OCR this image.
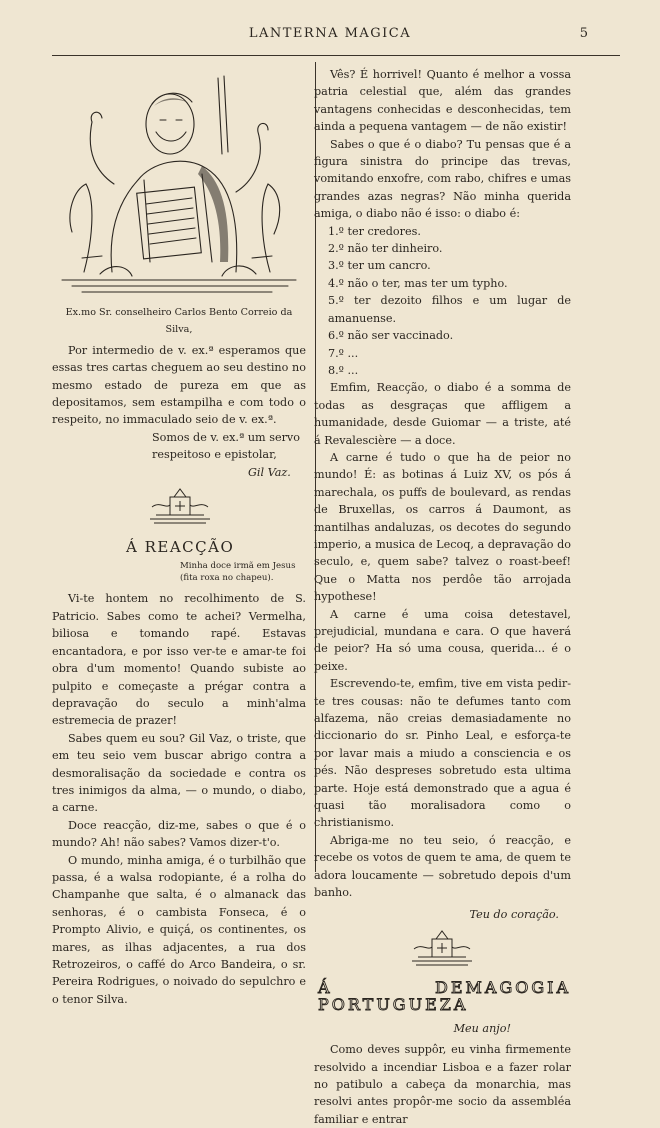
LANTERNA MAGICA	5
Ex.mo Sr. conselheiro Carlos Bento Correio da Silva,

Por intermedio de v. ex.ª esperamos que essas tres cartas cheguem ao seu destino no mesmo estado de pureza em que as depositamos, sem estampilha e com todo o respeito, no immaculado seio de v. ex.ª.

Somos de v. ex.ª um servo

respeitoso e epistolar,

Gil Vaz.

Á REACÇÃO
Minha doce irmã em Jesus (fita roxa no chapeu).

Vi-te hontem no recolhimento de S. Patricio. Sabes como te achei? Vermelha, biliosa e tomando rapé. Estavas encantadora, e por isso ver-te e amar-te foi obra d'um momento! Quando subiste ao pulpito e começaste a prégar contra a depravação do seculo a minh'alma estremecia de prazer!

Sabes quem eu sou? Gil Vaz, o triste, que em teu seio vem buscar abrigo contra a desmoralisação da sociedade e contra os tres inimigos da alma, — o mundo, o diabo, a carne.

Doce reacção, diz-me, sabes o que é o mundo? Ah! não sabes? Vamos dizer-t'o.

O mundo, minha amiga, é o turbilhão que passa, é a walsa rodopiante, é a rolha do Champanhe que salta, é o almanack das senhoras, é o cambista Fonseca, é o Prompto Alivio, e quiçá, os continentes, os mares, as ilhas adjacentes, a rua dos Retrozeiros, o caffé do Arco Bandeira, o sr. Pereira Rodrigues, o noivado do sepulchro e o tenor Silva.

Vês? É horrivel! Quanto é melhor a vossa patria celestial que, além das grandes vantagens conhecidas e desconhecidas, tem ainda a pequena vantagem — de não existir!

Sabes o que é o diabo? Tu pensas que é a figura sinistra do principe das trevas, vomitando enxofre, com rabo, chifres e umas grandes azas negras? Não minha querida amiga, o diabo não é isso: o diabo é:

1.º ter credores.

2.º não ter dinheiro.

3.º ter um cancro.

4.º não o ter, mas ter um typho.

5.º ter dezoito filhos e um lugar de amanuense.

6.º não ser vaccinado.

7.º ...

8.º ...

Emfim, Reacção, o diabo é a somma de todas as desgraças que affligem a humanidade, desde Guiomar — a triste, até á Revalescière — a doce.

A carne é tudo o que ha de peior no mundo! É: as botinas á Luiz XV, os pós á marechala, os puffs de boulevard, as rendas de Bruxellas, os carros á Daumont, as mantilhas andaluzas, os decotes do segundo imperio, a musica de Lecoq, a depravação do seculo, e, quem sabe? talvez o roast-beef! Que o Matta nos perdôe tão arrojada hypothese!

A carne é uma coisa detestavel, prejudicial, mundana e cara. O que haverá de peior? Ha só uma cousa, querida... é o peixe.

Escrevendo-te, emfim, tive em vista pedir-te tres cousas: não te defumes tanto com alfazema, não creias demasiadamente no diccionario do sr. Pinho Leal, e esforça-te por lavar mais a miudo a consciencia e os pés. Não despreses sobretudo esta ultima parte. Hoje está demonstrado que a agua é quasi tão moralisadora como o christianismo.

Abriga-me no teu seio, ó reacção, e recebe os votos de quem te ama, de quem te adora loucamente — sobretudo depois d'um banho.

Teu do coração.

Á DEMAGOGIA PORTUGUEZA

Meu anjo!

Como deves suppôr, eu vinha firmemente resolvido a incendiar Lisboa e a fazer rolar no patibulo a cabeça da monarchia, mas resolvi antes propôr-me socio da assembléa familiar e entrar
